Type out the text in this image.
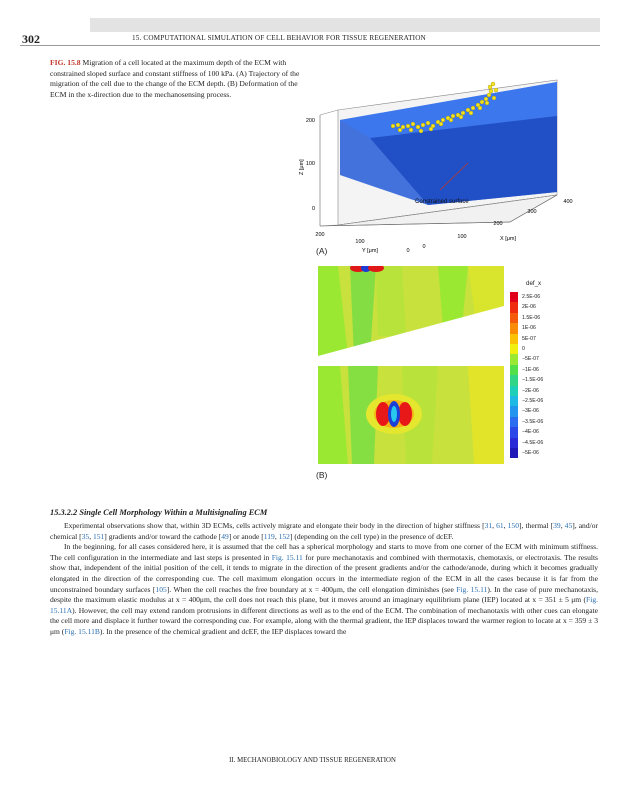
302	15. COMPUTATIONAL SIMULATION OF CELL BEHAVIOR FOR TISSUE REGENERATION
FIG. 15.8 Migration of a cell located at the maximum depth of the ECM with constrained sloped surface and constant stiffness of 100 kPa. (A) Trajectory of the migration of the cell due to the change of the ECM depth. (B) Deformation of the ECM in the x-direction due to the mechanosensing process.
Constrained surface
200
100
0
Z [μm]
200
100
0
Y [μm]
0
100
200
300
400
X [μm]
(A)
(B)
def_x
2.5E-06
2E-06
1.5E-06
1E-06
5E-07
0
−5E-07
−1E-06
−1.5E-06
−2E-06
−2.5E-06
−3E-06
−3.5E-06
−4E-06
−4.5E-06
−5E-06
15.3.2.2 Single Cell Morphology Within a Multisignaling ECM

Experimental observations show that, within 3D ECMs, cells actively migrate and elongate their body in the direction of higher stiffness [31, 61, 150], thermal [39, 45], and/or chemical [35, 151] gradients and/or toward the cathode [49] or anode [119, 152] (depending on the cell type) in the presence of dcEF.

In the beginning, for all cases considered here, it is assumed that the cell has a spherical morphology and starts to move from one corner of the ECM with minimum stiffness. The cell configuration in the intermediate and last steps is presented in Fig. 15.11 for pure mechanotaxis and combined with thermotaxis, chemotaxis, or electrotaxis. The results show that, independent of the initial position of the cell, it tends to migrate in the direction of the present gradients and/or the cathode/anode, during which it becomes gradually elongated in the direction of the corresponding cue. The cell maximum elongation occurs in the intermediate region of the ECM in all the cases because it is far from the unconstrained boundary surfaces [105]. When the cell reaches the free boundary at x = 400μm, the cell elongation diminishes (see Fig. 15.11). In the case of pure mechanotaxis, despite the maximum elastic modulus at x = 400μm, the cell does not reach this plane, but it moves around an imaginary equilibrium plane (IEP) located at x = 351 ± 5 μm (Fig. 15.11A). However, the cell may extend random protrusions in different directions as well as to the end of the ECM. The combination of mechanotaxis with other cues can elongate the cell more and displace it further toward the corresponding cue. For example, along with the thermal gradient, the IEP displaces toward the warmer region to locate at x = 359 ± 3 μm (Fig. 15.11B). In the presence of the chemical gradient and dcEF, the IEP displaces toward the

II. MECHANOBIOLOGY AND TISSUE REGENERATION
